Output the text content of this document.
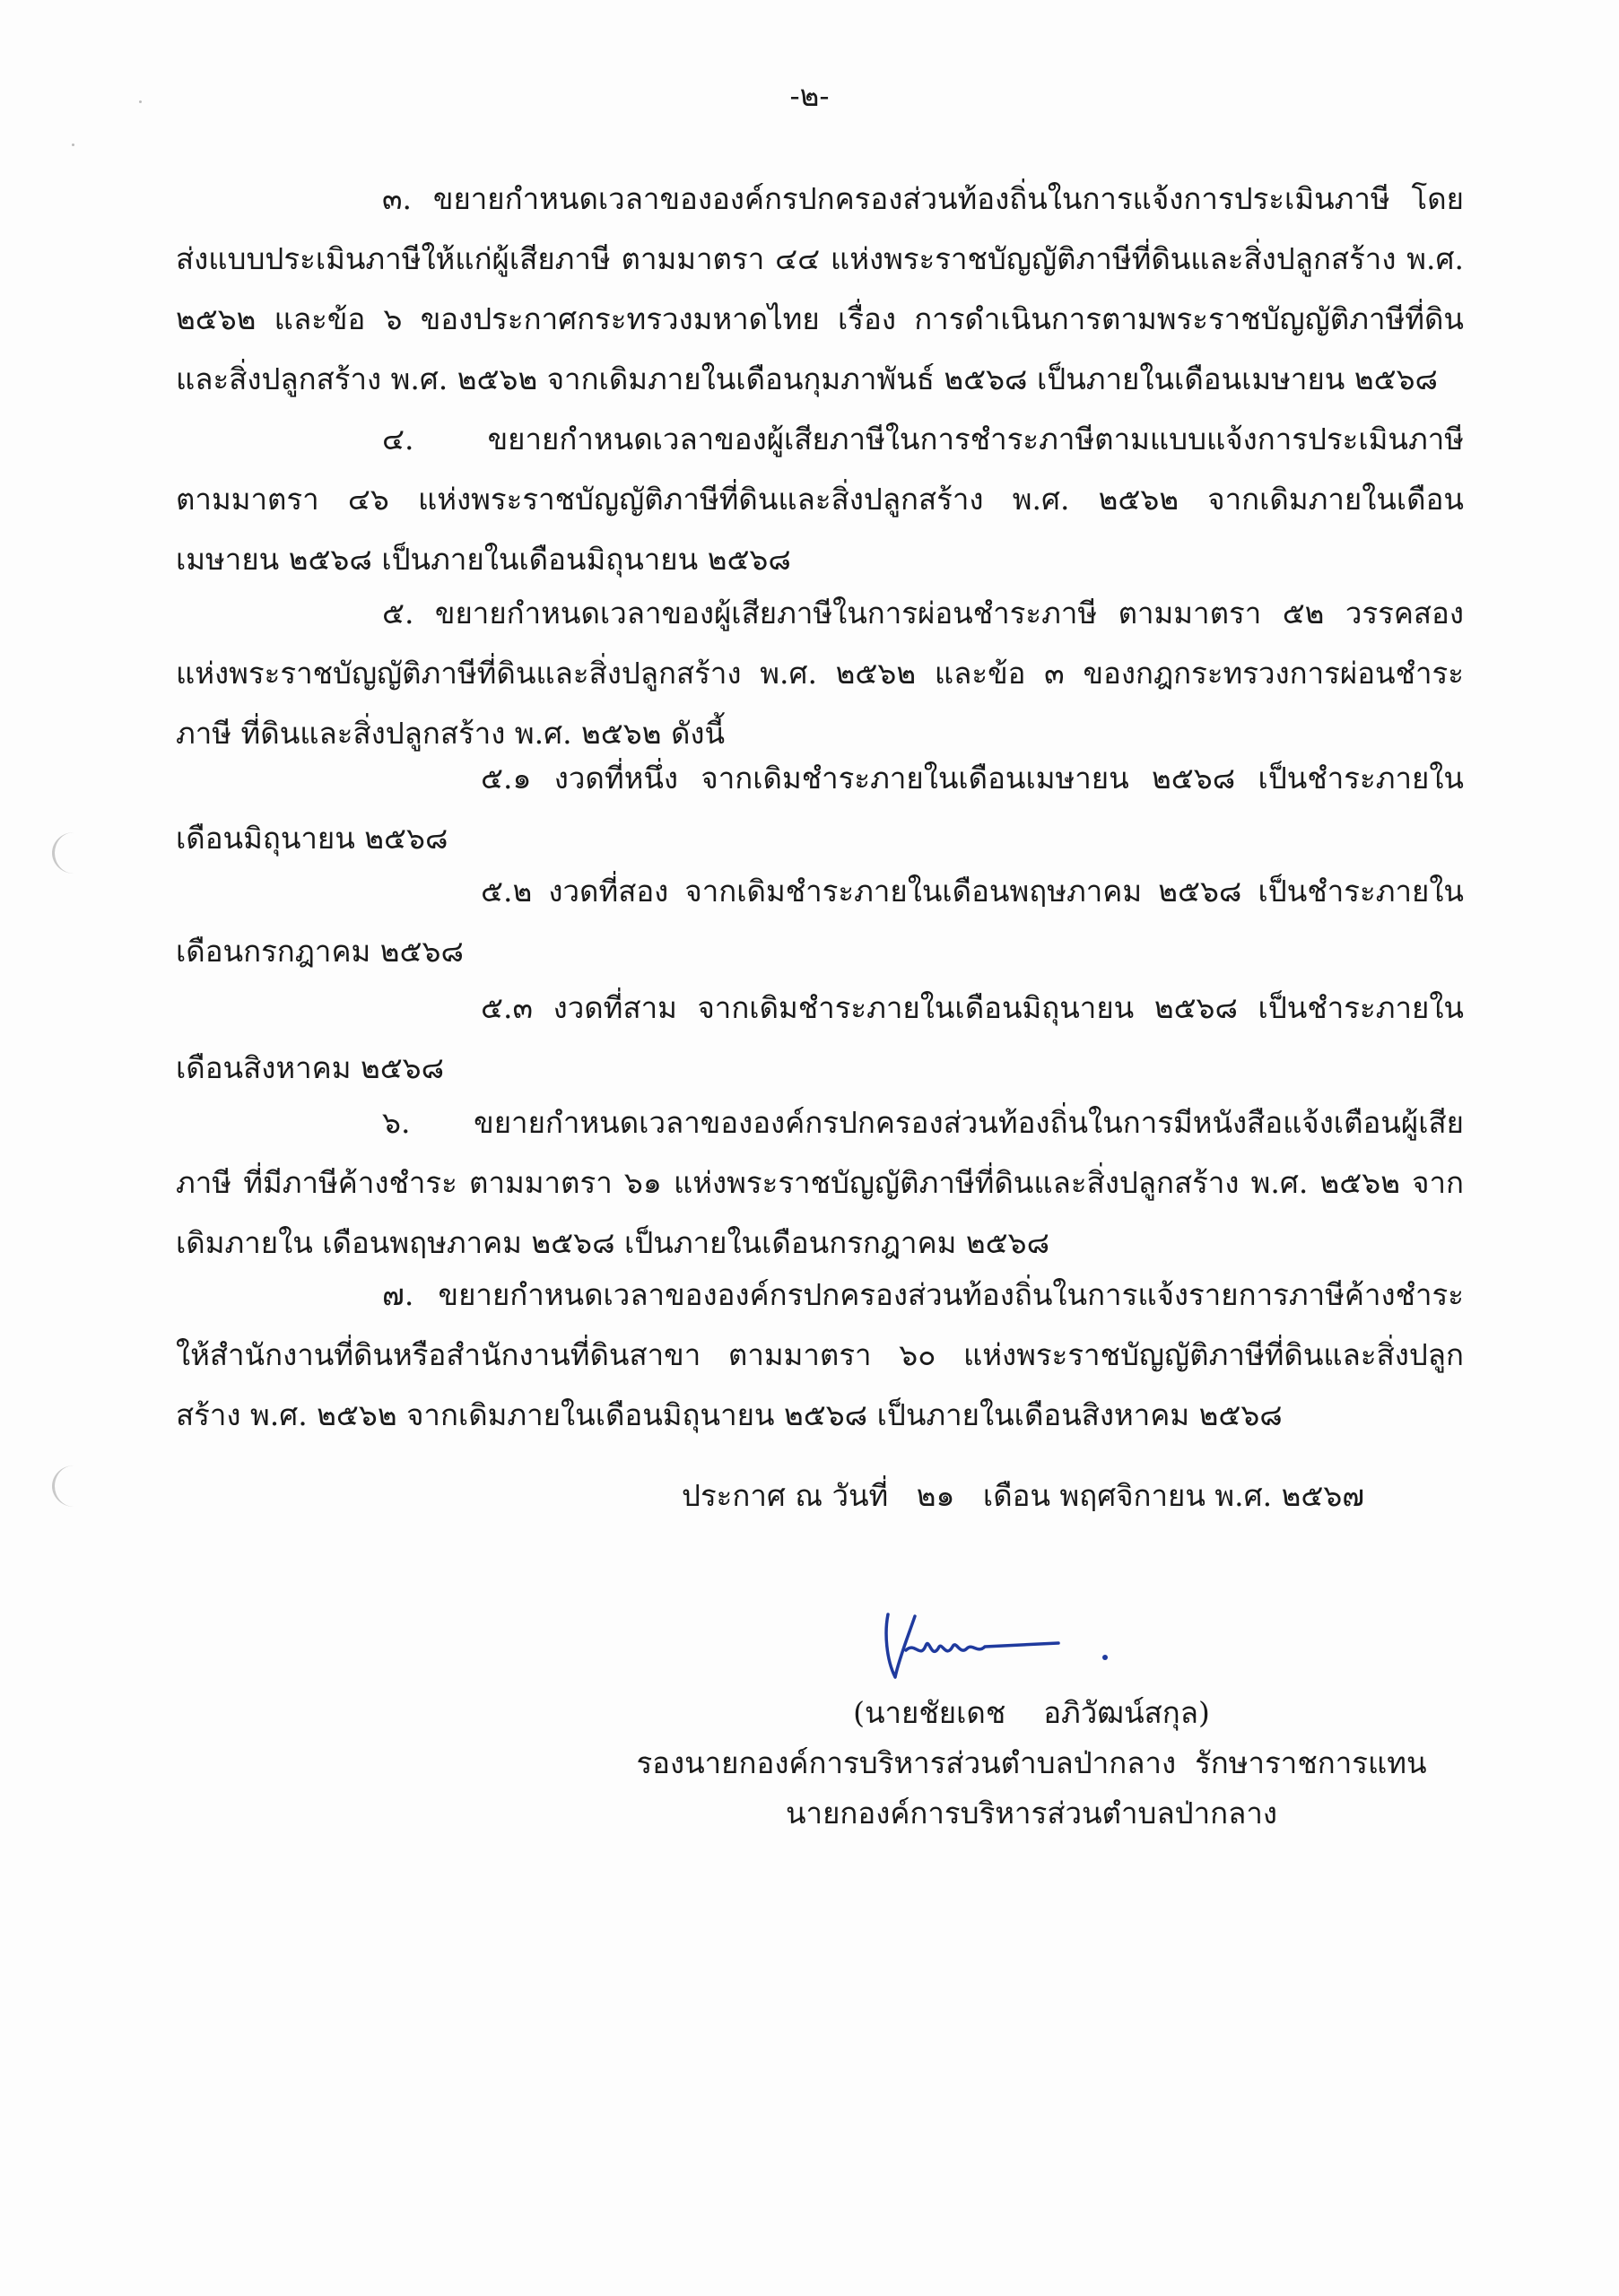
-๒-
๓. ขยายกำหนดเวลาขององค์กรปกครองส่วนท้องถิ่นในการแจ้งการประเมินภาษี โดยส่งแบบประเมินภาษีให้แก่ผู้เสียภาษี ตามมาตรา ๔๔ แห่งพระราชบัญญัติภาษีที่ดินและสิ่งปลูกสร้าง พ.ศ. ๒๕๖๒ และข้อ ๖ ของประกาศกระทรวงมหาดไทย เรื่อง การดำเนินการตามพระราชบัญญัติภาษีที่ดินและสิ่งปลูกสร้าง พ.ศ. ๒๕๖๒ จากเดิมภายในเดือนกุมภาพันธ์ ๒๕๖๘ เป็นภายในเดือนเมษายน ๒๕๖๘
๔. ขยายกำหนดเวลาของผู้เสียภาษีในการชำระภาษีตามแบบแจ้งการประเมินภาษี ตามมาตรา ๔๖ แห่งพระราชบัญญัติภาษีที่ดินและสิ่งปลูกสร้าง พ.ศ. ๒๕๖๒ จากเดิมภายในเดือนเมษายน ๒๕๖๘ เป็นภายในเดือนมิถุนายน ๒๕๖๘
๕. ขยายกำหนดเวลาของผู้เสียภาษีในการผ่อนชำระภาษี ตามมาตรา ๕๒ วรรคสอง แห่งพระราชบัญญัติภาษีที่ดินและสิ่งปลูกสร้าง พ.ศ. ๒๕๖๒ และข้อ ๓ ของกฎกระทรวงการผ่อนชำระภาษี ที่ดินและสิ่งปลูกสร้าง พ.ศ. ๒๕๖๒ ดังนี้
๕.๑ งวดที่หนึ่ง จากเดิมชำระภายในเดือนเมษายน ๒๕๖๘ เป็นชำระภายใน เดือนมิถุนายน ๒๕๖๘
๕.๒ งวดที่สอง จากเดิมชำระภายในเดือนพฤษภาคม ๒๕๖๘ เป็นชำระภายใน เดือนกรกฎาคม ๒๕๖๘
๕.๓ งวดที่สาม จากเดิมชำระภายในเดือนมิถุนายน ๒๕๖๘ เป็นชำระภายใน เดือนสิงหาคม ๒๕๖๘
๖. ขยายกำหนดเวลาขององค์กรปกครองส่วนท้องถิ่นในการมีหนังสือแจ้งเตือนผู้เสียภาษี ที่มีภาษีค้างชำระ ตามมาตรา ๖๑ แห่งพระราชบัญญัติภาษีที่ดินและสิ่งปลูกสร้าง พ.ศ. ๒๕๖๒ จากเดิมภายใน เดือนพฤษภาคม ๒๕๖๘ เป็นภายในเดือนกรกฎาคม ๒๕๖๘
๗. ขยายกำหนดเวลาขององค์กรปกครองส่วนท้องถิ่นในการแจ้งรายการภาษีค้างชำระ ให้สำนักงานที่ดินหรือสำนักงานที่ดินสาขา ตามมาตรา ๖๐ แห่งพระราชบัญญัติภาษีที่ดินและสิ่งปลูกสร้าง พ.ศ. ๒๕๖๒ จากเดิมภายในเดือนมิถุนายน ๒๕๖๘ เป็นภายในเดือนสิงหาคม ๒๕๖๘
ประกาศ ณ วันที่   ๒๑   เดือน พฤศจิกายน พ.ศ. ๒๕๖๗
(นายชัยเดช    อภิวัฒน์สกุล)
รองนายกองค์การบริหารส่วนตำบลป่ากลาง  รักษาราชการแทน
นายกองค์การบริหารส่วนตำบลป่ากลาง
